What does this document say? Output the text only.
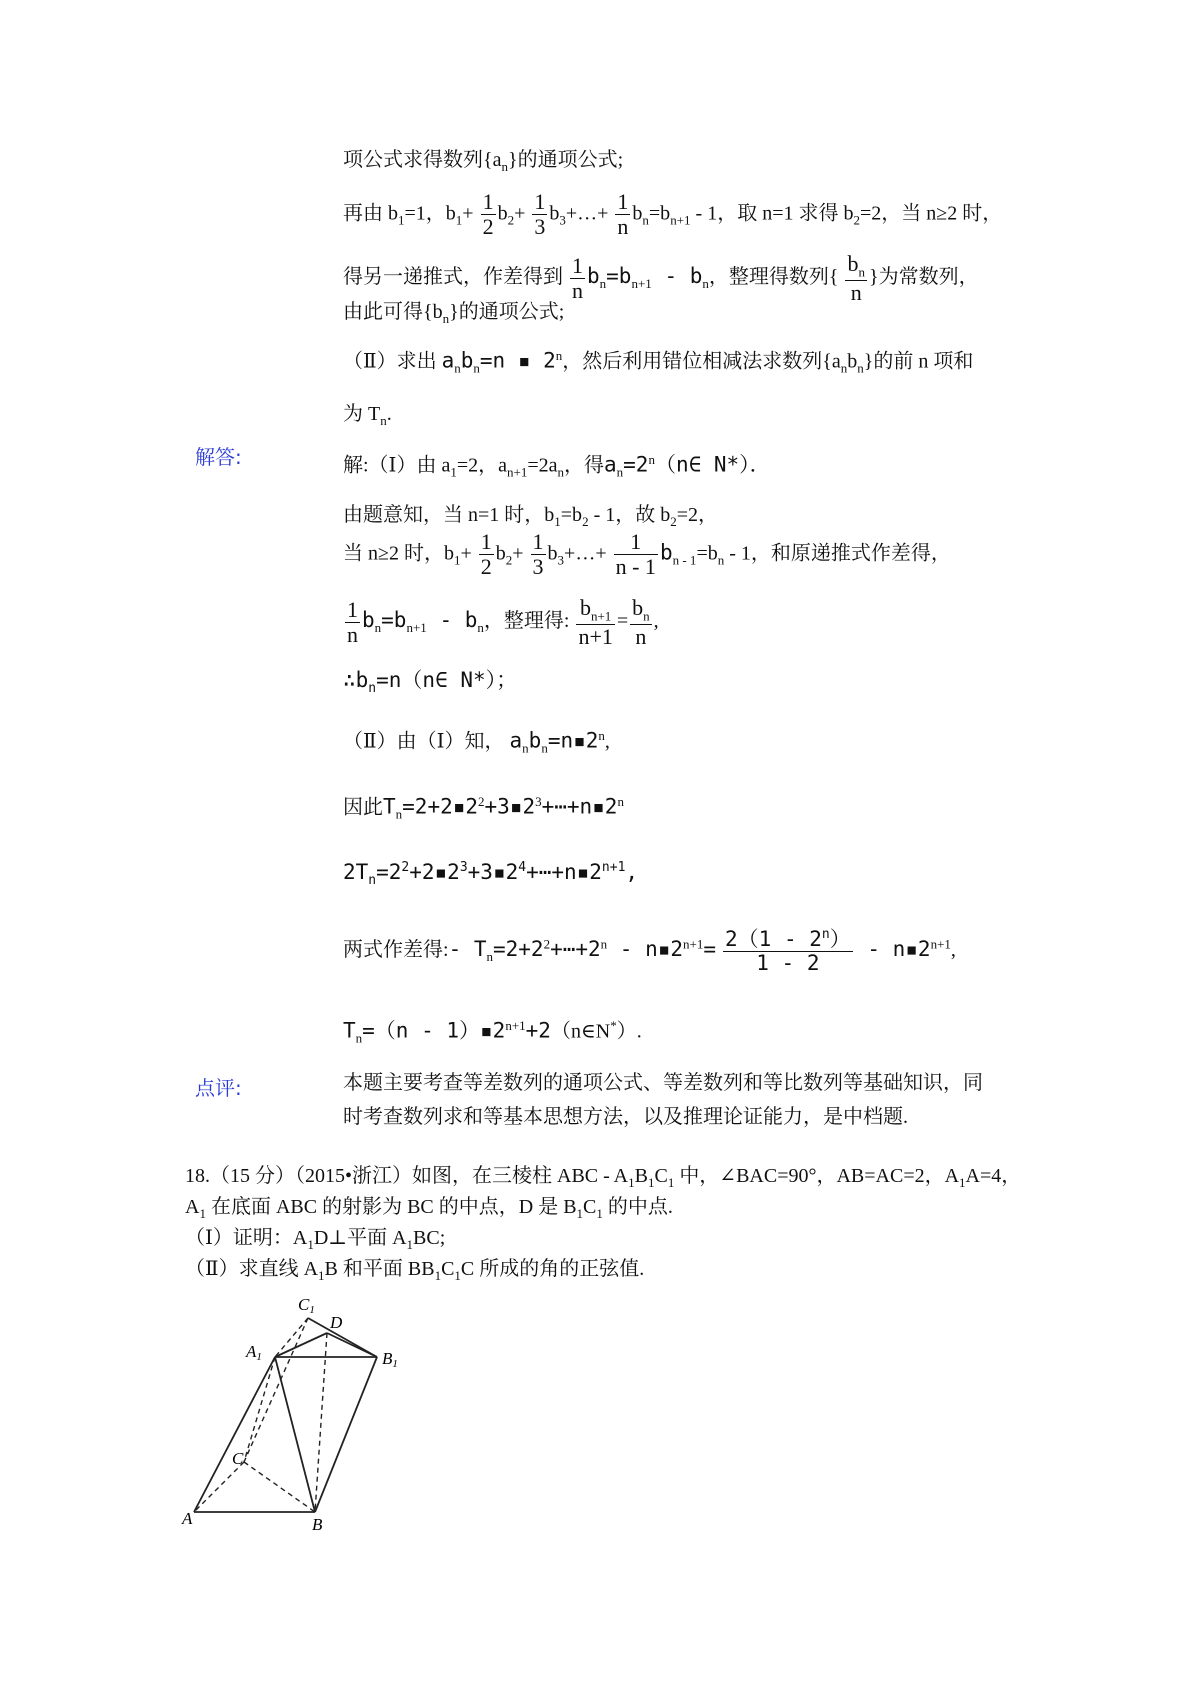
项公式求得数列$\{a_n\}$的通项公式;
再由 $b_1=1$，$b_1+ \frac{1}{2} b_2+ \frac{1}{3}$ $b_3+\dots+ \frac{1}{n} b_n=b_{n+1} - 1$，取 n=1 求得 $b_2=2$，当 n≥2 时，
得另一递推式，作差得到 $\frac{1}{n} b_n=b_{n+1} - b_n$，整理得数列{ $\frac{b_n}{n}$ }为常数列，
由此可得$\{b_n\}$的通项公式;
（Ⅱ）求出 $a_nb_n=n$ ▪ 2$^n$，然后利用错位相减法求数列$\{a_nb_n\}$的前 n 项和
为 $T_n$.
解答:	解:（Ⅰ）由 $a_1=2$，$a_{n+1}=2a_n$，得$a_n=2^n(n\in$ N*）．
由题意知，当 n=1 时，$b_1=b_2 - 1$，故 $b_2=2$，
当 n≥2 时，$b_1+ \frac{1}{2} b_2+ \frac{1}{3}$ $b_3+\dots+ \frac{1}{n - 1} b_{n - 1}=b_n - 1$，和原递推式作差得，
$\frac{1}{n} b_n=b_{n+1} - b_n$，整理得: $\frac{b_{n+1}}{n+1} = \frac{b_n}{n}$ ,
$\therefore b_n=n(n\in$ N*）；
（Ⅱ）由（Ⅰ）知， $a_nb_n=n▪2^n$,
因此$T_n=2+2▪2^2+3▪2^3+\cdots+n▪2^n$
$2T_n=2^2+2▪2^3+3▪2^4+\cdots+n▪2^{n+1}$,
两式作差得:- $T_n=2+2^2+\cdots+2^n$ - $n▪2^{n+1}= \frac{2(1 - 2^n)}{1 - 2}$ - $n▪2^{n+1}$,
$T_n=(n$ - $1)▪2^{n+1}+2(n\in N^*)$.
点评:	本题主要考查等差数列的通项公式、等差数列和等比数列等基础知识，同
时考查数列求和等基本思想方法，以及推理论证能力，是中档题.
18.（15 分）（2015•浙江）如图，在三棱柱 ABC - $A_1B_1C_1$ 中，∠BAC=90°，AB=AC=2，$A_1A=4$，
$A_1$ 在底面 ABC 的射影为 BC 的中点，D 是 $B_1C_1$ 的中点.
（Ⅰ）证明：$A_1D\perp$平面 $A_1BC$;
（Ⅱ）求直线 $A_1B$ 和平面 $BB_1C_1C$ 所成的角的正弦值.
C1
D
A1	B1
C
A	B
